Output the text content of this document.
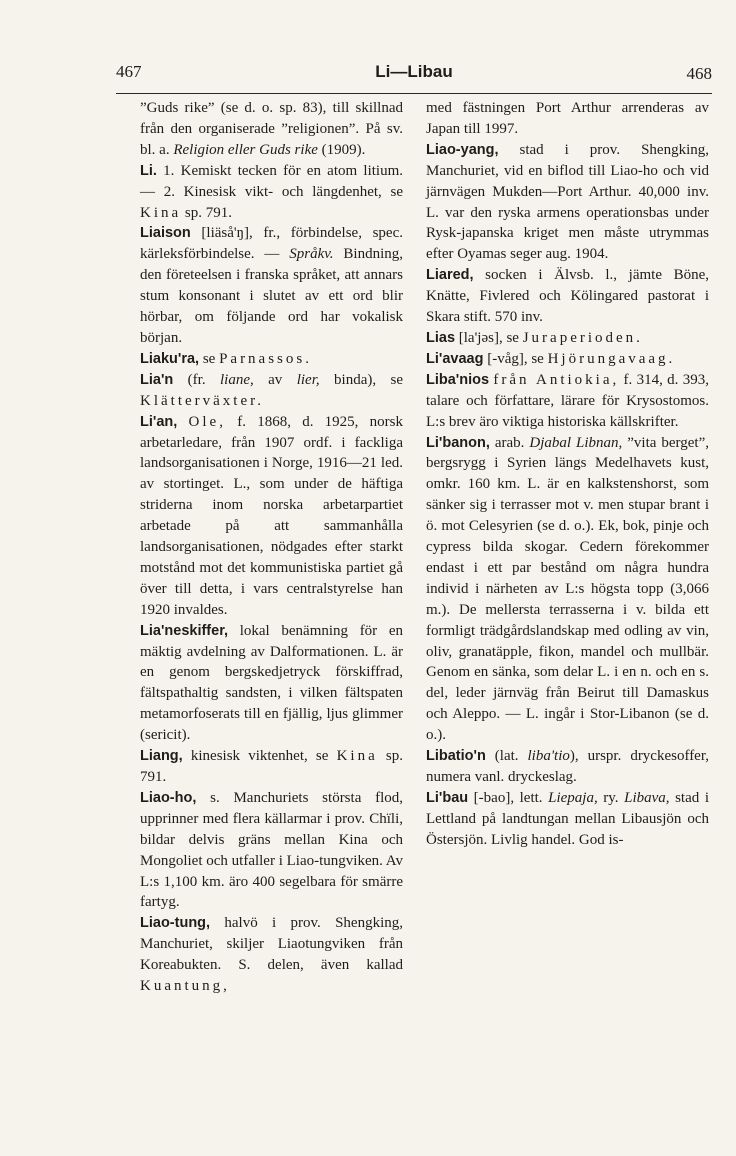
467	Li—Libau	468

”Guds rike” (se d. o. sp. 83), till skillnad från den organiserade ”religionen”. På sv. bl. a. Religion eller Guds rike (1909).

Li. 1. Kemiskt tecken för en atom litium. — 2. Kinesisk vikt- och längdenhet, se Kina sp. 791.

Liaison [liäså'ŋ], fr., förbindelse, spec. kärleksförbindelse. — Språkv. Bindning, den företeelsen i franska språket, att annars stum konsonant i slutet av ett ord blir hörbar, om följande ord har vokalisk början.

Liaku'ra, se Parnassos.

Lia'n (fr. liane, av lier, binda), se Klätterväxter.

Li'an, Ole, f. 1868, d. 1925, norsk arbetarledare, från 1907 ordf. i fackliga landsorganisationen i Norge, 1916—21 led. av stortinget. L., som under de häftiga striderna inom norska arbetarpartiet arbetade på att sammanhålla landsorganisationen, nödgades efter starkt motstånd mot det kommunistiska partiet gå över till detta, i vars centralstyrelse han 1920 invaldes.

Lia'neskiffer, lokal benämning för en mäktig avdelning av Dalformationen. L. är en genom bergskedjetryck förskiffrad, fältspathaltig sandsten, i vilken fältspaten metamorfoserats till en fjällig, ljus glimmer (sericit).

Liang, kinesisk viktenhet, se Kina sp. 791.

Liao-ho, s. Manchuriets största flod, upprinner med flera källarmar i prov. Chïli, bildar delvis gräns mellan Kina och Mongoliet och utfaller i Liao-tungviken. Av L:s 1,100 km. äro 400 segelbara för smärre fartyg.

Liao-tung, halvö i prov. Shengking, Manchuriet, skiljer Liaotungviken från Koreabukten. S. delen, även kallad Kuantung,

med fästningen Port Arthur arrenderas av Japan till 1997.

Liao-yang, stad i prov. Shengking, Manchuriet, vid en biflod till Liao-ho och vid järnvägen Mukden—Port Arthur. 40,000 inv. L. var den ryska armens operationsbas under Rysk-japanska kriget men måste utrymmas efter Oyamas seger aug. 1904.

Liared, socken i Älvsb. l., jämte Böne, Knätte, Fivlered och Kölingared pastorat i Skara stift. 570 inv.

Lias [la'jəs], se Juraperioden.

Li'avaag [-våg], se Hjörungavaag.

Liba'nios från Antiokia, f. 314, d. 393, talare och författare, lärare för Krysostomos. L:s brev äro viktiga historiska källskrifter.

Li'banon, arab. Djabal Libnan, ”vita berget”, bergsrygg i Syrien längs Medelhavets kust, omkr. 160 km. L. är en kalkstenshorst, som sänker sig i terrasser mot v. men stupar brant i ö. mot Celesyrien (se d. o.). Ek, bok, pinje och cypress bilda skogar. Cedern förekommer endast i ett par bestånd om några hundra individ i närheten av L:s högsta topp (3,066 m.). De mellersta terrasserna i v. bilda ett formligt trädgårdslandskap med odling av vin, oliv, granatäpple, fikon, mandel och mullbär. Genom en sänka, som delar L. i en n. och en s. del, leder järnväg från Beirut till Damaskus och Aleppo. — L. ingår i Stor-Libanon (se d. o.).

Libatio'n (lat. liba'tio), urspr. dryckesoffer, numera vanl. dryckeslag.

Li'bau [-bao], lett. Liepaja, ry. Libava, stad i Lettland på landtungan mellan Libausjön och Östersjön. Livlig handel. God is-
